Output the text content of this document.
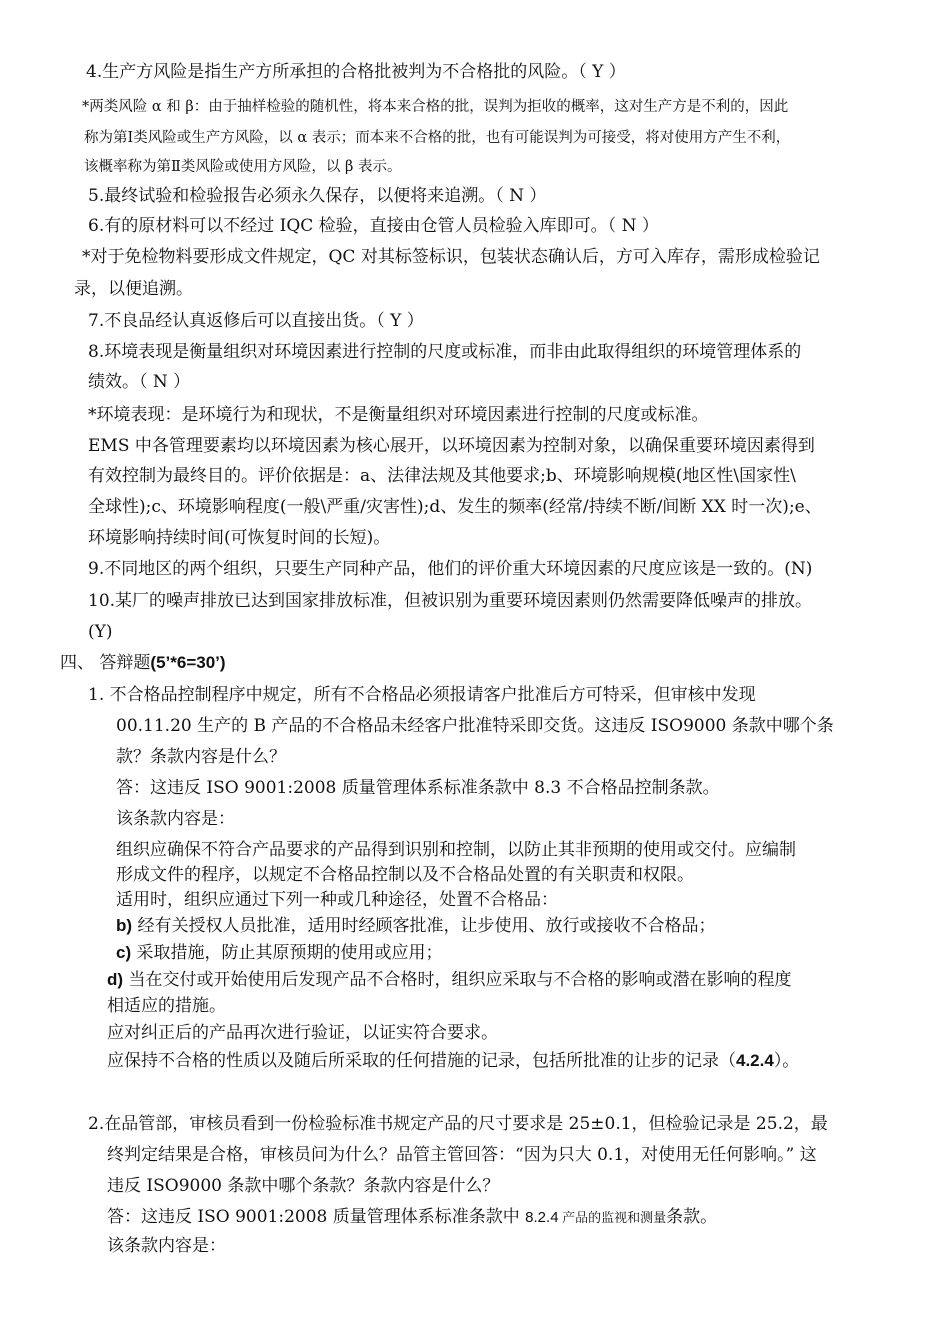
4.生产方风险是指生产方所承担的合格批被判为不合格批的风险。（ Y ）
*两类风险 α 和 β：由于抽样检验的随机性，将本来合格的批，误判为拒收的概率，这对生产方是不利的，因此
称为第Ⅰ类风险或生产方风险，以 α 表示；而本来不合格的批，也有可能误判为可接受，将对使用方产生不利，
该概率称为第Ⅱ类风险或使用方风险，以 β 表示。
5.最终试验和检验报告必须永久保存，以便将来追溯。（ N ）
6.有的原材料可以不经过 IQC 检验，直接由仓管人员检验入库即可。（ N ）
*对于免检物料要形成文件规定，QC 对其标签标识，包装状态确认后，方可入库存，需形成检验记
录，以便追溯。
7.不良品经认真返修后可以直接出货。（ Y ）
8.环境表现是衡量组织对环境因素进行控制的尺度或标准，而非由此取得组织的环境管理体系的
绩效。（ N ）
*环境表现：是环境行为和现状，不是衡量组织对环境因素进行控制的尺度或标准。
EMS 中各管理要素均以环境因素为核心展开，以环境因素为控制对象，以确保重要环境因素得到
有效控制为最终目的。评价依据是：a、法律法规及其他要求;b、环境影响规模(地区性\国家性\
全球性);c、环境影响程度(一般\严重/灾害性);d、发生的频率(经常/持续不断/间断 XX 时一次);e、
环境影响持续时间(可恢复时间的长短)。
9.不同地区的两个组织，只要生产同种产品，他们的评价重大环境因素的尺度应该是一致的。(N)
10.某厂的噪声排放已达到国家排放标准，但被识别为重要环境因素则仍然需要降低噪声的排放。
(Y)
四、 答辩题(5’*6=30’)
1. 不合格品控制程序中规定，所有不合格品必须报请客户批准后方可特采，但审核中发现
00.11.20 生产的 B 产品的不合格品未经客户批准特采即交货。这违反 ISO9000 条款中哪个条
款？条款内容是什么？
答：这违反 ISO 9001:2008 质量管理体系标准条款中 8.3 不合格品控制条款。
该条款内容是：
组织应确保不符合产品要求的产品得到识别和控制，以防止其非预期的使用或交付。应编制
形成文件的程序，以规定不合格品控制以及不合格品处置的有关职责和权限。
适用时，组织应通过下列一种或几种途径，处置不合格品：
b) 经有关授权人员批准，适用时经顾客批准，让步使用、放行或接收不合格品；
c) 采取措施，防止其原预期的使用或应用；
d) 当在交付或开始使用后发现产品不合格时，组织应采取与不合格的影响或潜在影响的程度
相适应的措施。
应对纠正后的产品再次进行验证，以证实符合要求。
应保持不合格的性质以及随后所采取的任何措施的记录，包括所批准的让步的记录（4.2.4）。
2.在品管部，审核员看到一份检验标准书规定产品的尺寸要求是 25±0.1，但检验记录是 25.2，最
终判定结果是合格，审核员问为什么？品管主管回答：“因为只大 0.1，对使用无任何影响。” 这
违反 ISO9000 条款中哪个条款？条款内容是什么？
答：这违反 ISO 9001:2008 质量管理体系标准条款中 8.2.4 产品的监视和测量条款。
该条款内容是：
